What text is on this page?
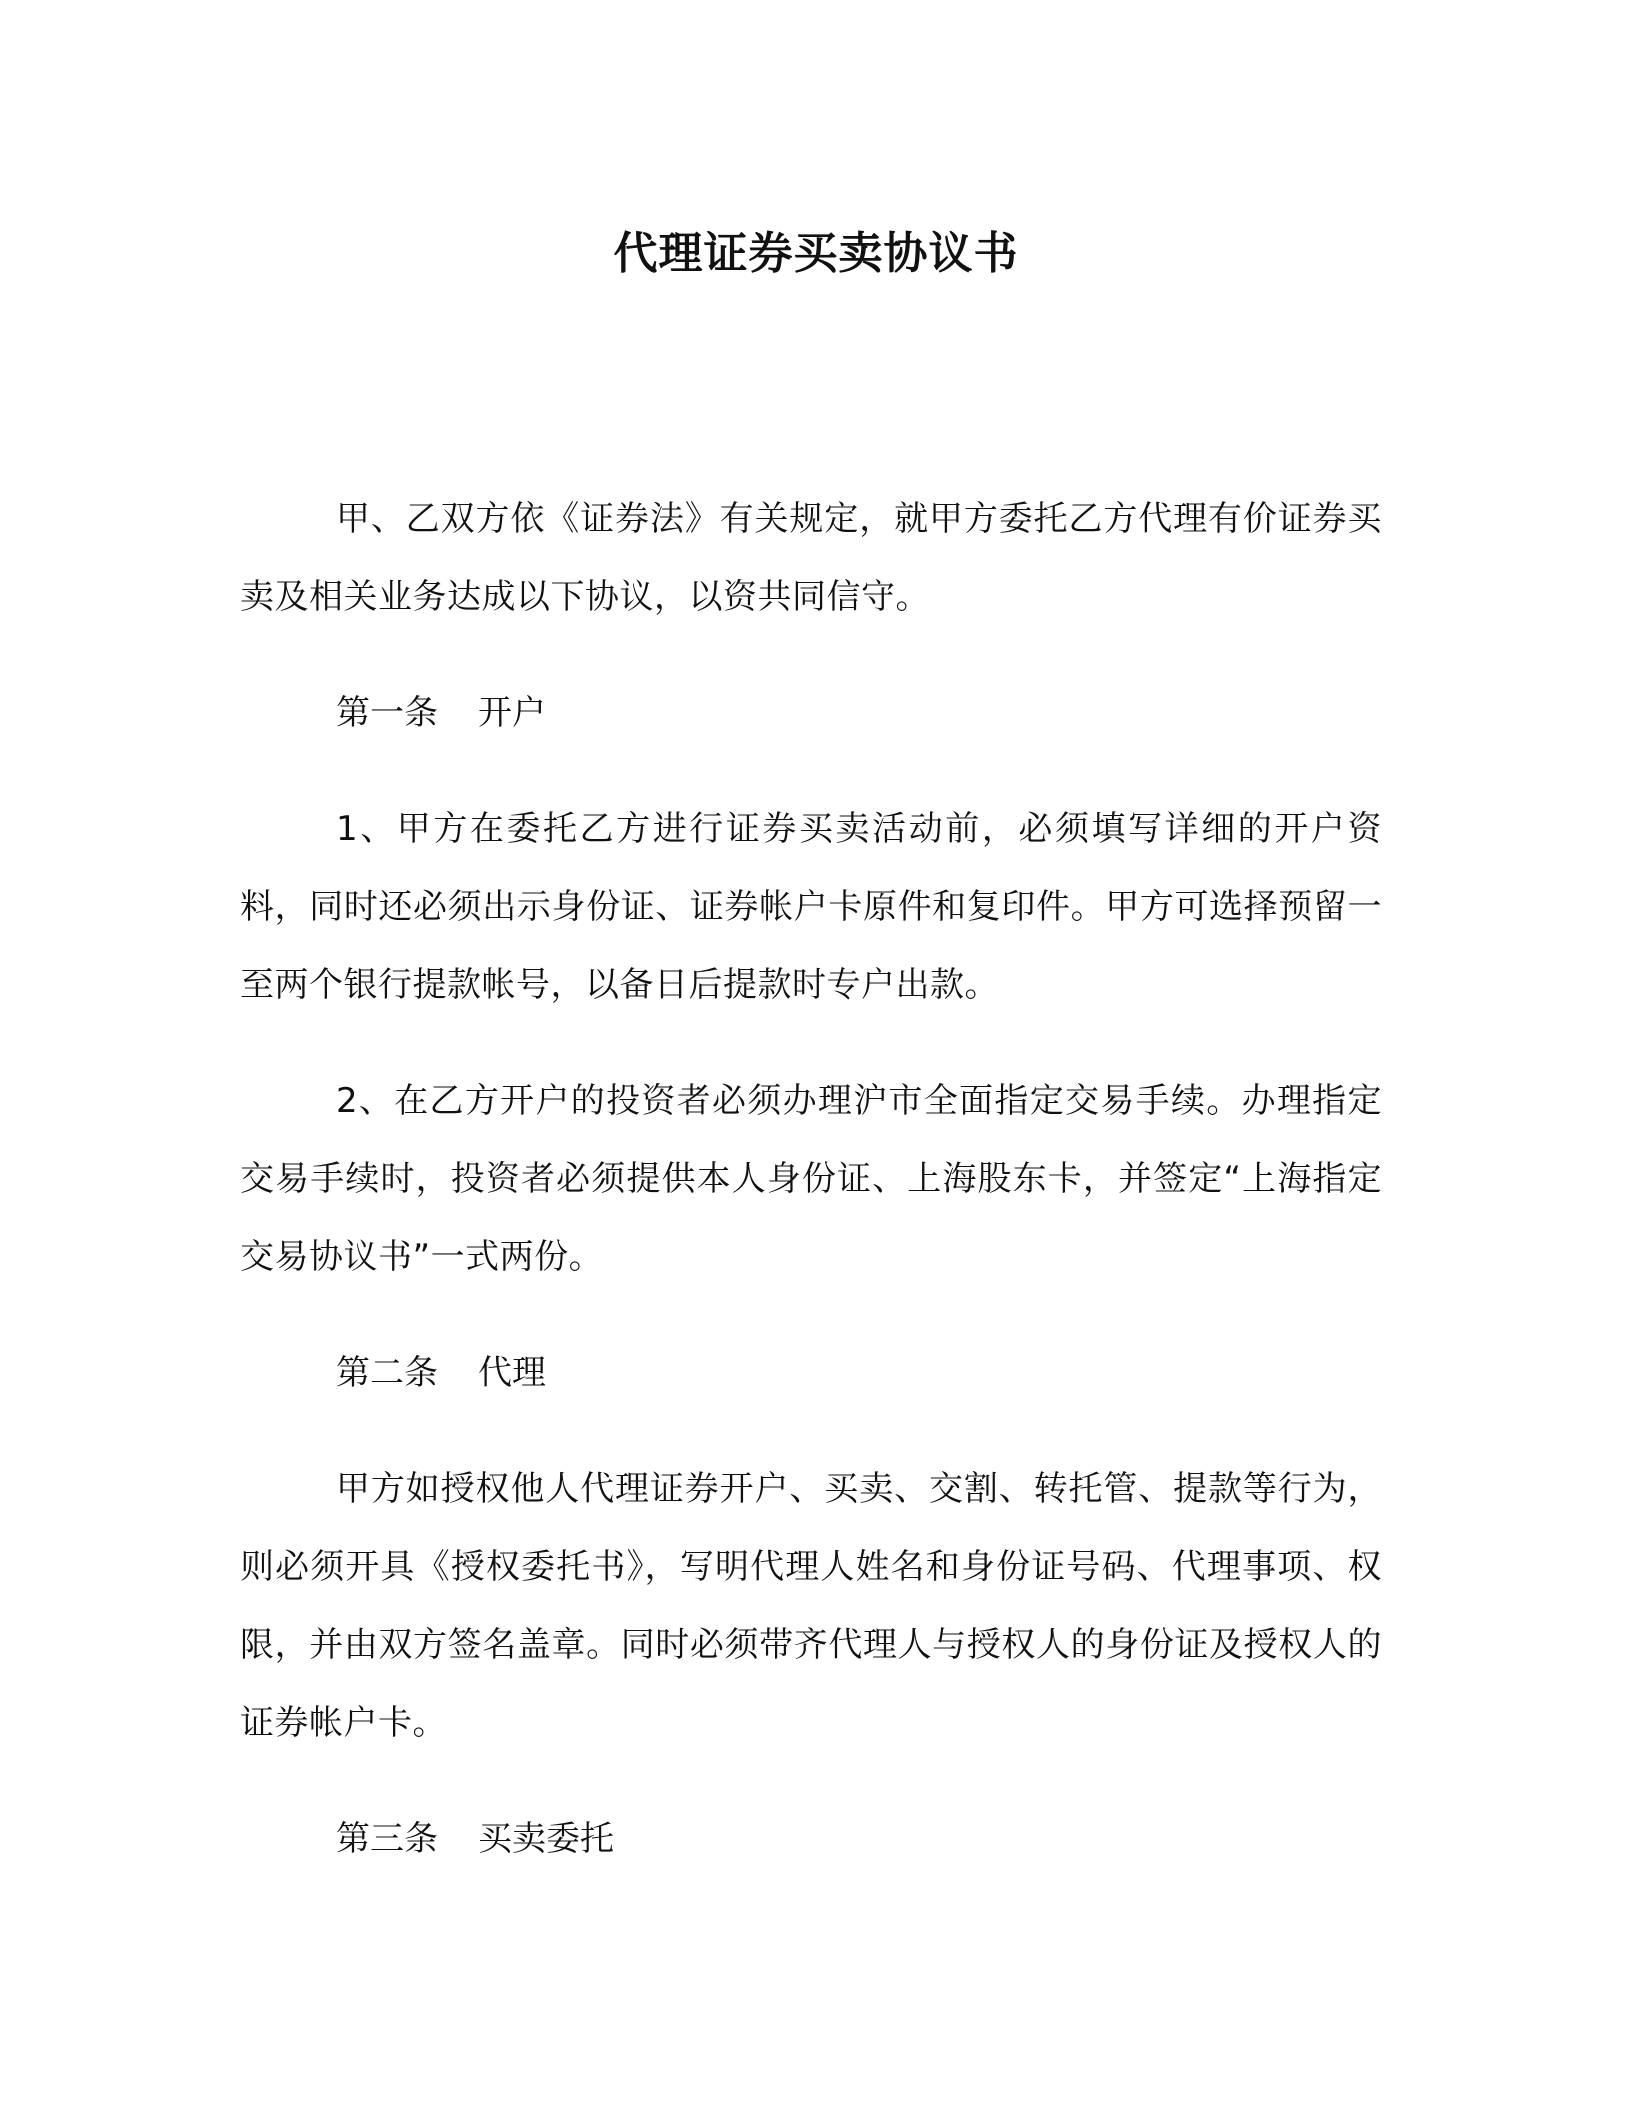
代理证券买卖协议书

甲、乙双方依《证券法》有关规定，就甲方委托乙方代理有价证券买卖及相关业务达成以下协议，以资共同信守。

第一条 开户

1、甲方在委托乙方进行证券买卖活动前，必须填写详细的开户资料，同时还必须出示身份证、证券帐户卡原件和复印件。甲方可选择预留一至两个银行提款帐号，以备日后提款时专户出款。

2、在乙方开户的投资者必须办理沪市全面指定交易手续。办理指定交易手续时，投资者必须提供本人身份证、上海股东卡，并签定“上海指定交易协议书”一式两份。

第二条 代理

甲方如授权他人代理证券开户、买卖、交割、转托管、提款等行为，则必须开具《授权委托书》，写明代理人姓名和身份证号码、代理事项、权限，并由双方签名盖章。同时必须带齐代理人与授权人的身份证及授权人的证券帐户卡。

第三条 买卖委托
